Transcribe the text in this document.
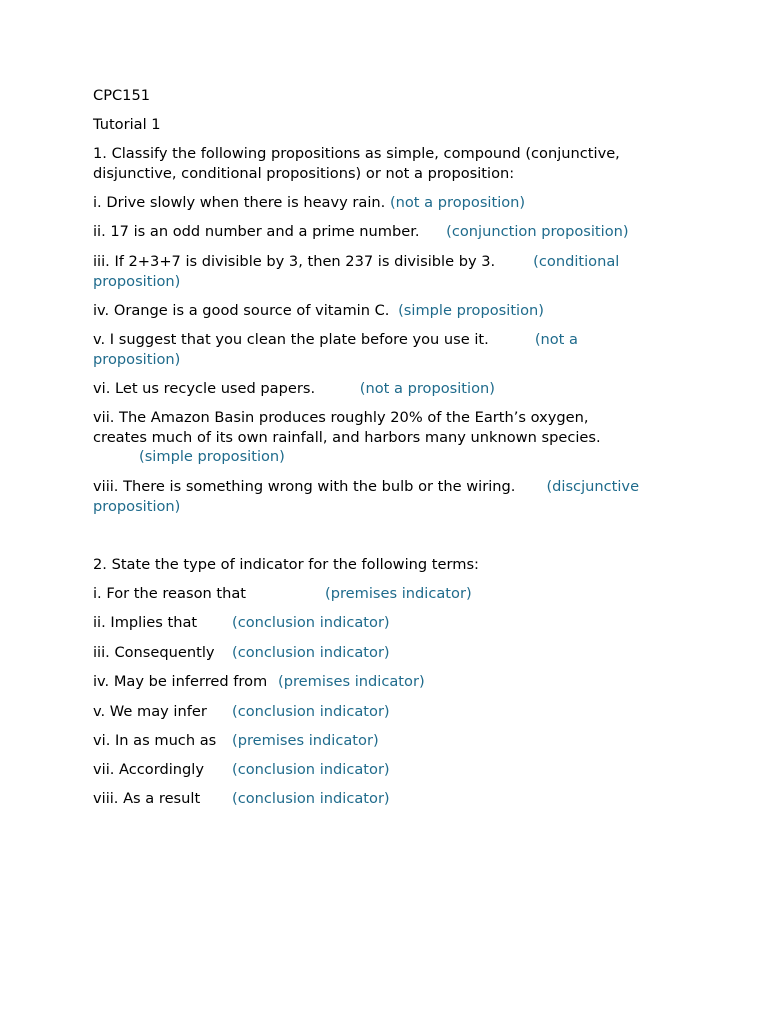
CPC151
Tutorial 1
1. Classify the following propositions as simple, compound (conjunctive, disjunctive, conditional propositions) or not a proposition:
i. Drive slowly when there is heavy rain. (not a proposition)
ii. 17 is an odd number and a prime number. (conjunction proposition)
iii. If 2+3+7 is divisible by 3, then 237 is divisible by 3.	(conditional proposition)
iv. Orange is a good source of vitamin C. (simple proposition)
v. I suggest that you clean the plate before you use it.	(not a proposition)
vi. Let us recycle used papers.	(not a proposition)
vii. The Amazon Basin produces roughly 20% of the Earth’s oxygen, creates much of its own rainfall, and harbors many unknown species.
(simple proposition)
viii. There is something wrong with the bulb or the wiring. (discjunctive proposition)
2. State the type of indicator for the following terms:
i. For the reason that	(premises indicator)
ii. Implies that (conclusion indicator)
iii. Consequently (conclusion indicator)
iv. May be inferred from (premises indicator)
v. We may infer (conclusion indicator)
vi. In as much as (premises indicator)
vii. Accordingly (conclusion indicator)
viii. As a result (conclusion indicator)
